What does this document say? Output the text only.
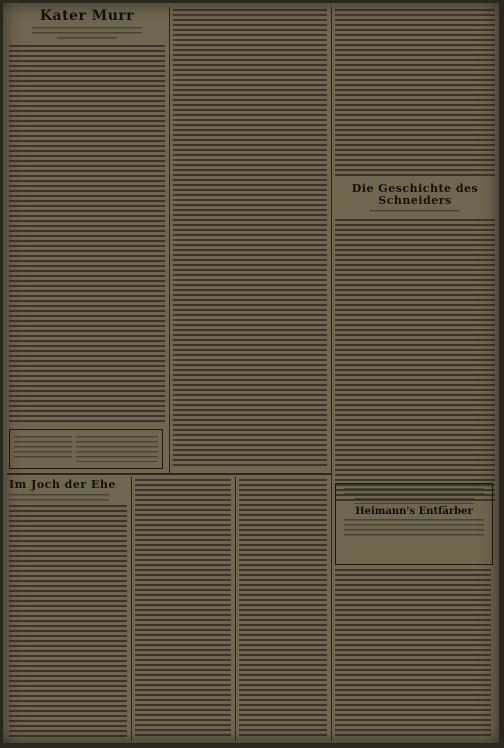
Kater Murr
Die Geschichte des Schneiders
Heimann's Entfärber
Im Joch der Ehe
